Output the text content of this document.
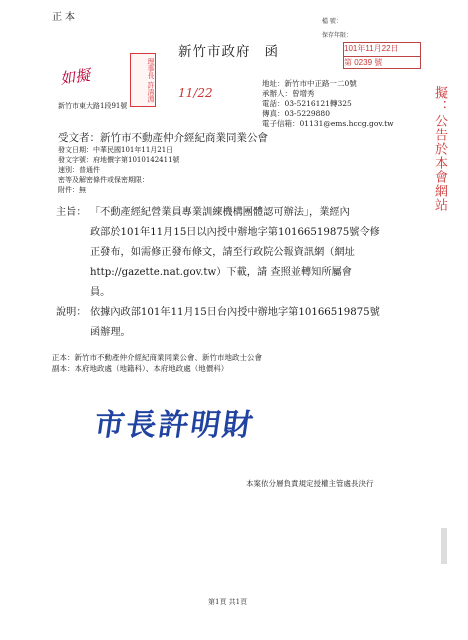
正本	檔 號：
保存年限：
新竹市政府 函	101年11月22日
第 0239 號
如擬	理事長 許清淵 11/22
地址：新竹市中正路一二0號
承辦人：曾增秀
電話：03-5216121轉325
傳真：03-5229880
電子信箱：01131@ems.hccg.gov.tw
新竹市東大路1段91號	擬：公告於本會網站
受文者：新竹市不動產仲介經紀商業同業公會
發文日期：中華民國101年11月21日
發文字號：府地價字第1010142411號
速別：普通件
密等及解密條件或保密期限：
附件：無
主旨： 「不動產經紀營業員專業訓練機構團體認可辦法」，業經內
政部於101年11月15日以內授中辦地字第10166519875號令修
正發布，如需修正發布條文，請至行政院公報資訊網（網址
http://gazette.nat.gov.tw）下載，請 查照並轉知所屬會
員。
說明： 依據內政部101年11月15日台內授中辦地字第10166519875號
函辦理。
正本：新竹市不動產仲介經紀商業同業公會、新竹市地政士公會
副本：本府地政處（地籍科）、本府地政處（地價科）
市長許明財
本案依分層負責規定授權主管處長決行
第1頁 共1頁
